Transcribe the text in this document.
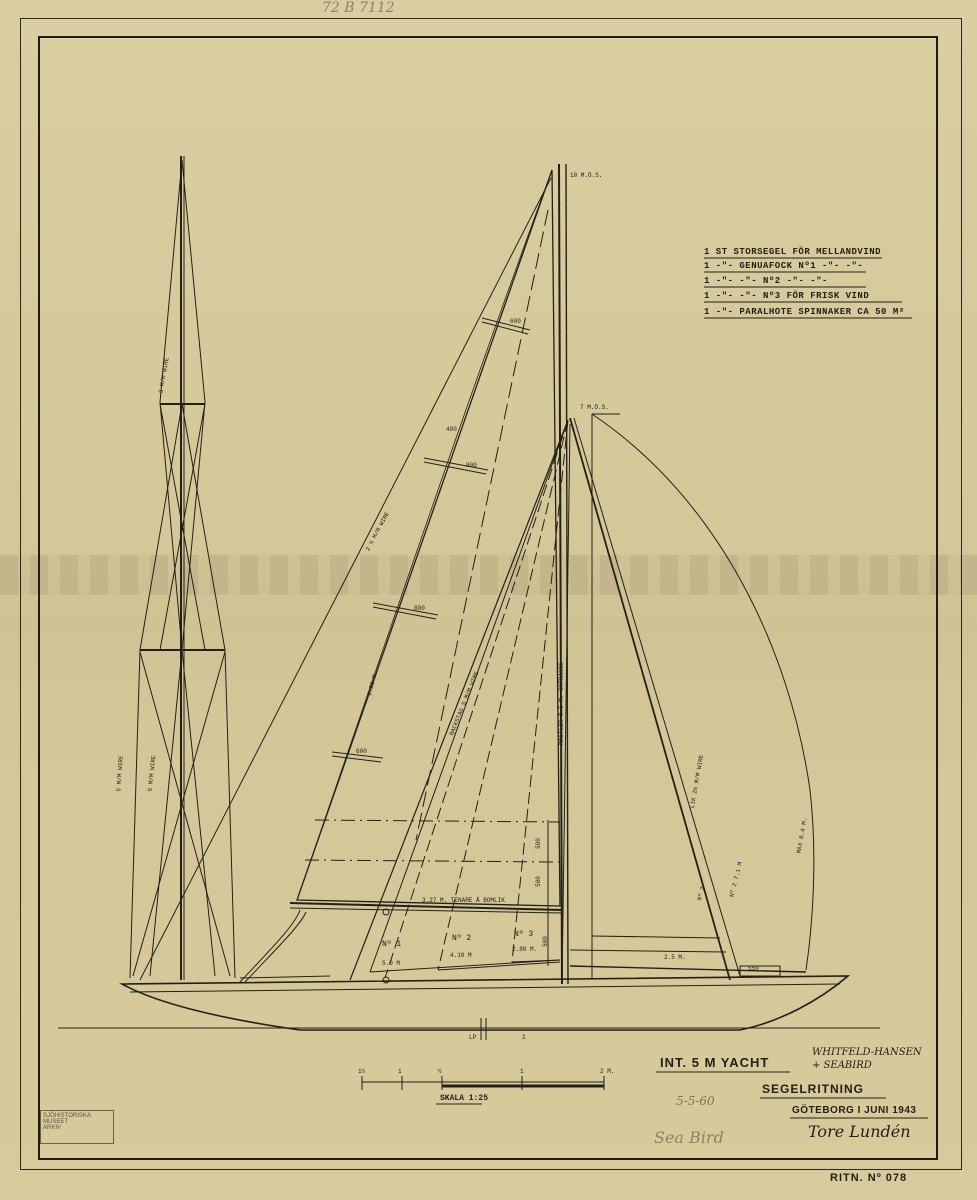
1 ST STORSEGEL FÖR MELLANDVIND
1 -"- GENUAFOCK Nº1 -"- -"-
1 -"- -"- Nº2 -"- -"-
1 -"- -"- Nº3 FÖR FRISK VIND
1 -"- PARALHOTE SPINNAKER CA 50 M²
10 M.Ö.S.
7 M.Ö.S.
2 ½ M/M WIRE
9.55 M.
600
400
800
800
600
BACKSTAG 5 M/M WIRE	MASTLIK 8.5 M. SKTRANSE
LIK 2½ M/M WIRE
MAX 8.4 M.
3.27 M. TENARE Å BOMLIK
5.0 M
4.10 M
2.80 M.
Nº 1
Nº 2	Nº 3
2.5 M.
500
500
500
550
Nº 3	Nº 2 7.1 M
3 M/M WIRE
5 M/M WIRE	5 M/M WIRE
LP	2
1½	1	½	1	2 M.
SKALA 1:25
INT. 5 M YACHT
SEGELRITNING
GÖTEBORG I JUNI 1943
RITN. Nº 078
WHITFELD-HANSEN + SEABIRD
5-5-60
Sea Bird	Tore Lundén
72 B 7112
SJÖHISTORISKA MUSEET
ARKIV
